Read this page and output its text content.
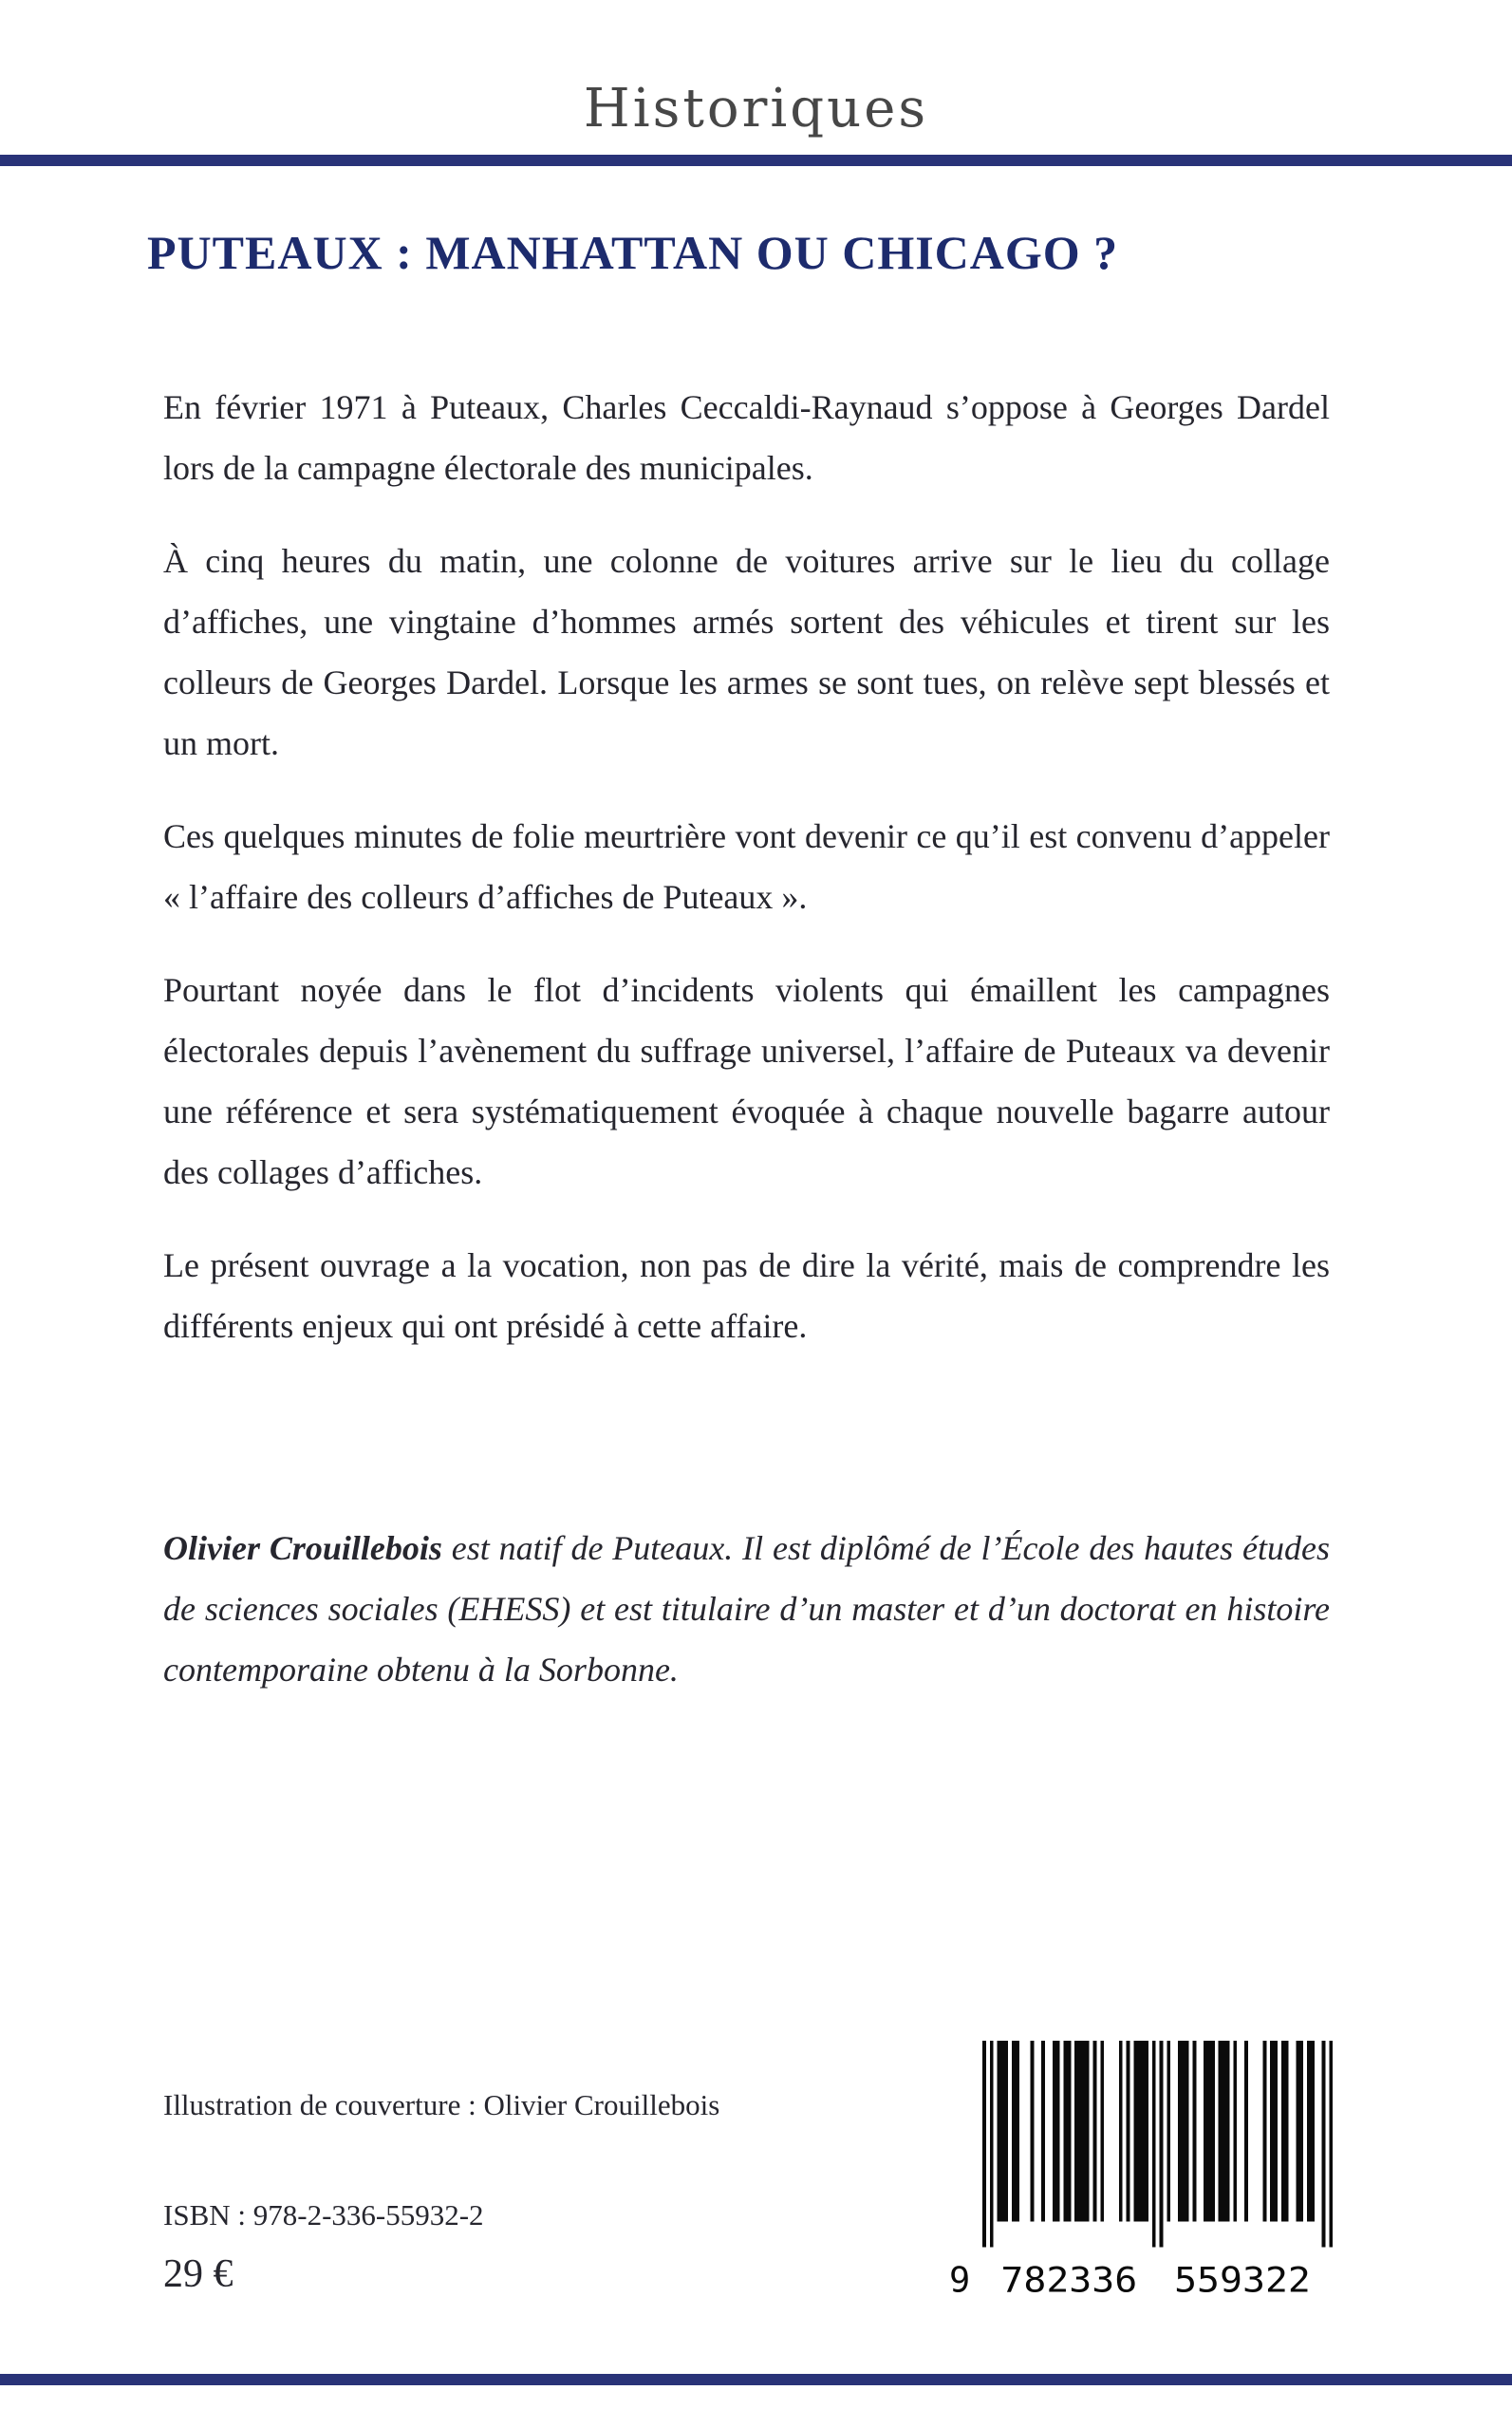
Historiques
PUTEAUX : MANHATTAN OU CHICAGO ?

En février 1971 à Puteaux, Charles Ceccaldi-Raynaud s’oppose à Georges Dardel lors de la campagne électorale des municipales.

À cinq heures du matin, une colonne de voitures arrive sur le lieu du collage d’affiches, une vingtaine d’hommes armés sortent des véhicules et tirent sur les colleurs de Georges Dardel. Lorsque les armes se sont tues, on relève sept blessés et un mort.

Ces quelques minutes de folie meurtrière vont devenir ce qu’il est convenu d’appeler « l’affaire des colleurs d’affiches de Puteaux ».

Pourtant noyée dans le flot d’incidents violents qui émaillent les campagnes électorales depuis l’avènement du suffrage universel, l’affaire de Puteaux va devenir une référence et sera systématiquement évoquée à chaque nouvelle bagarre autour des collages d’affiches.

Le présent ouvrage a la vocation, non pas de dire la vérité, mais de comprendre les différents enjeux qui ont présidé à cette affaire.

Olivier Crouillebois est natif de Puteaux. Il est diplômé de l’École des hautes études de sciences sociales (EHESS) et est titulaire d’un master et d’un doctorat en histoire contemporaine obtenu à la Sorbonne.
Illustration de couverture : Olivier Crouillebois
ISBN : 978-2-336-55932-2
29 €	9	782336	559322
